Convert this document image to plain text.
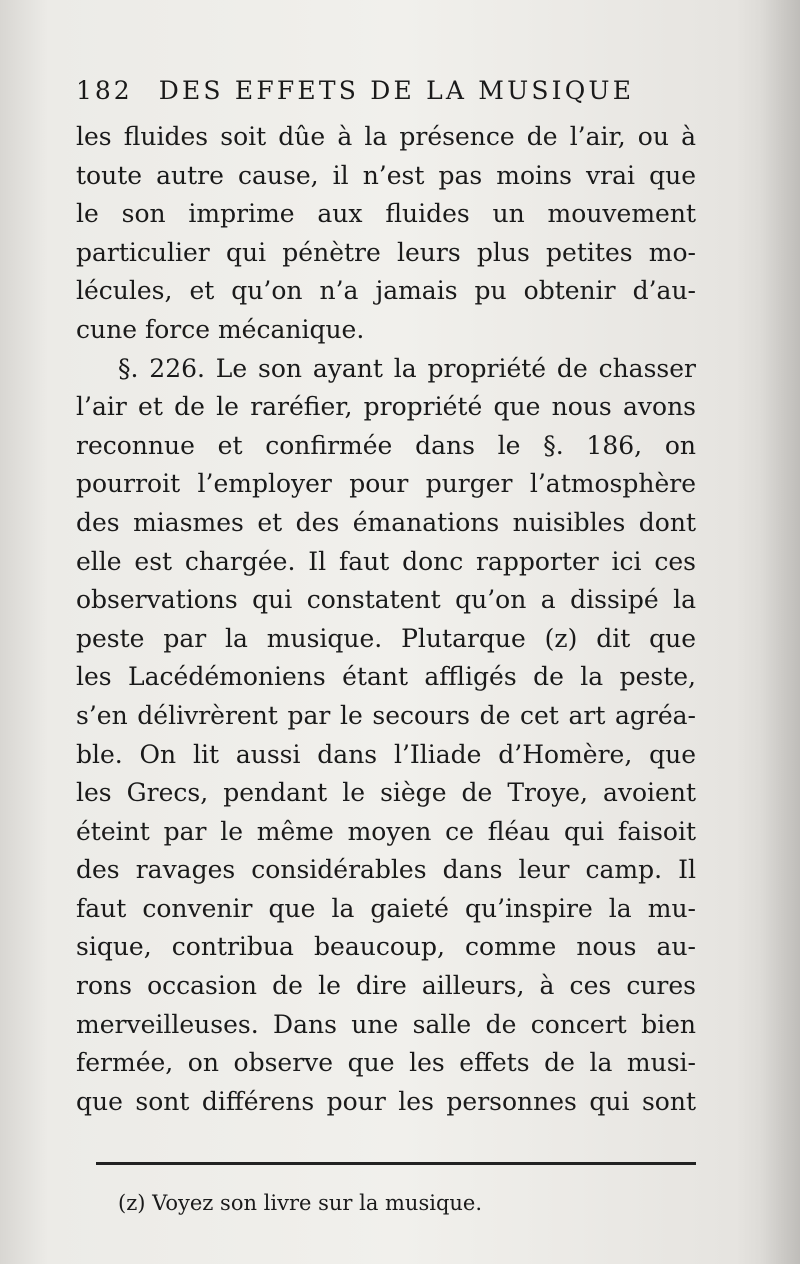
182 DES EFFETS DE LA MUSIQUE
les fluides soit dûe à la présence de l’air, ou à
toute autre cause, il n’est pas moins vrai que
le son imprime aux fluides un mouvement
particulier qui pénètre leurs plus petites mo-
lécules, et qu’on n’a jamais pu obtenir d’au-
cune force mécanique.
§. 226. Le son ayant la propriété de chasser
l’air et de le raréfier, propriété que nous avons
reconnue et confirmée dans le §. 186, on
pourroit l’employer pour purger l’atmosphère
des miasmes et des émanations nuisibles dont
elle est chargée. Il faut donc rapporter ici ces
observations qui constatent qu’on a dissipé la
peste par la musique. Plutarque (z) dit que
les Lacédémoniens étant affligés de la peste,
s’en délivrèrent par le secours de cet art agréa-
ble. On lit aussi dans l’Iliade d’Homère, que
les Grecs, pendant le siège de Troye, avoient
éteint par le même moyen ce fléau qui faisoit
des ravages considérables dans leur camp. Il
faut convenir que la gaieté qu’inspire la mu-
sique, contribua beaucoup, comme nous au-
rons occasion de le dire ailleurs, à ces cures
merveilleuses. Dans une salle de concert bien
fermée, on observe que les effets de la musi-
que sont différens pour les personnes qui sont
(z) Voyez son livre sur la musique.
